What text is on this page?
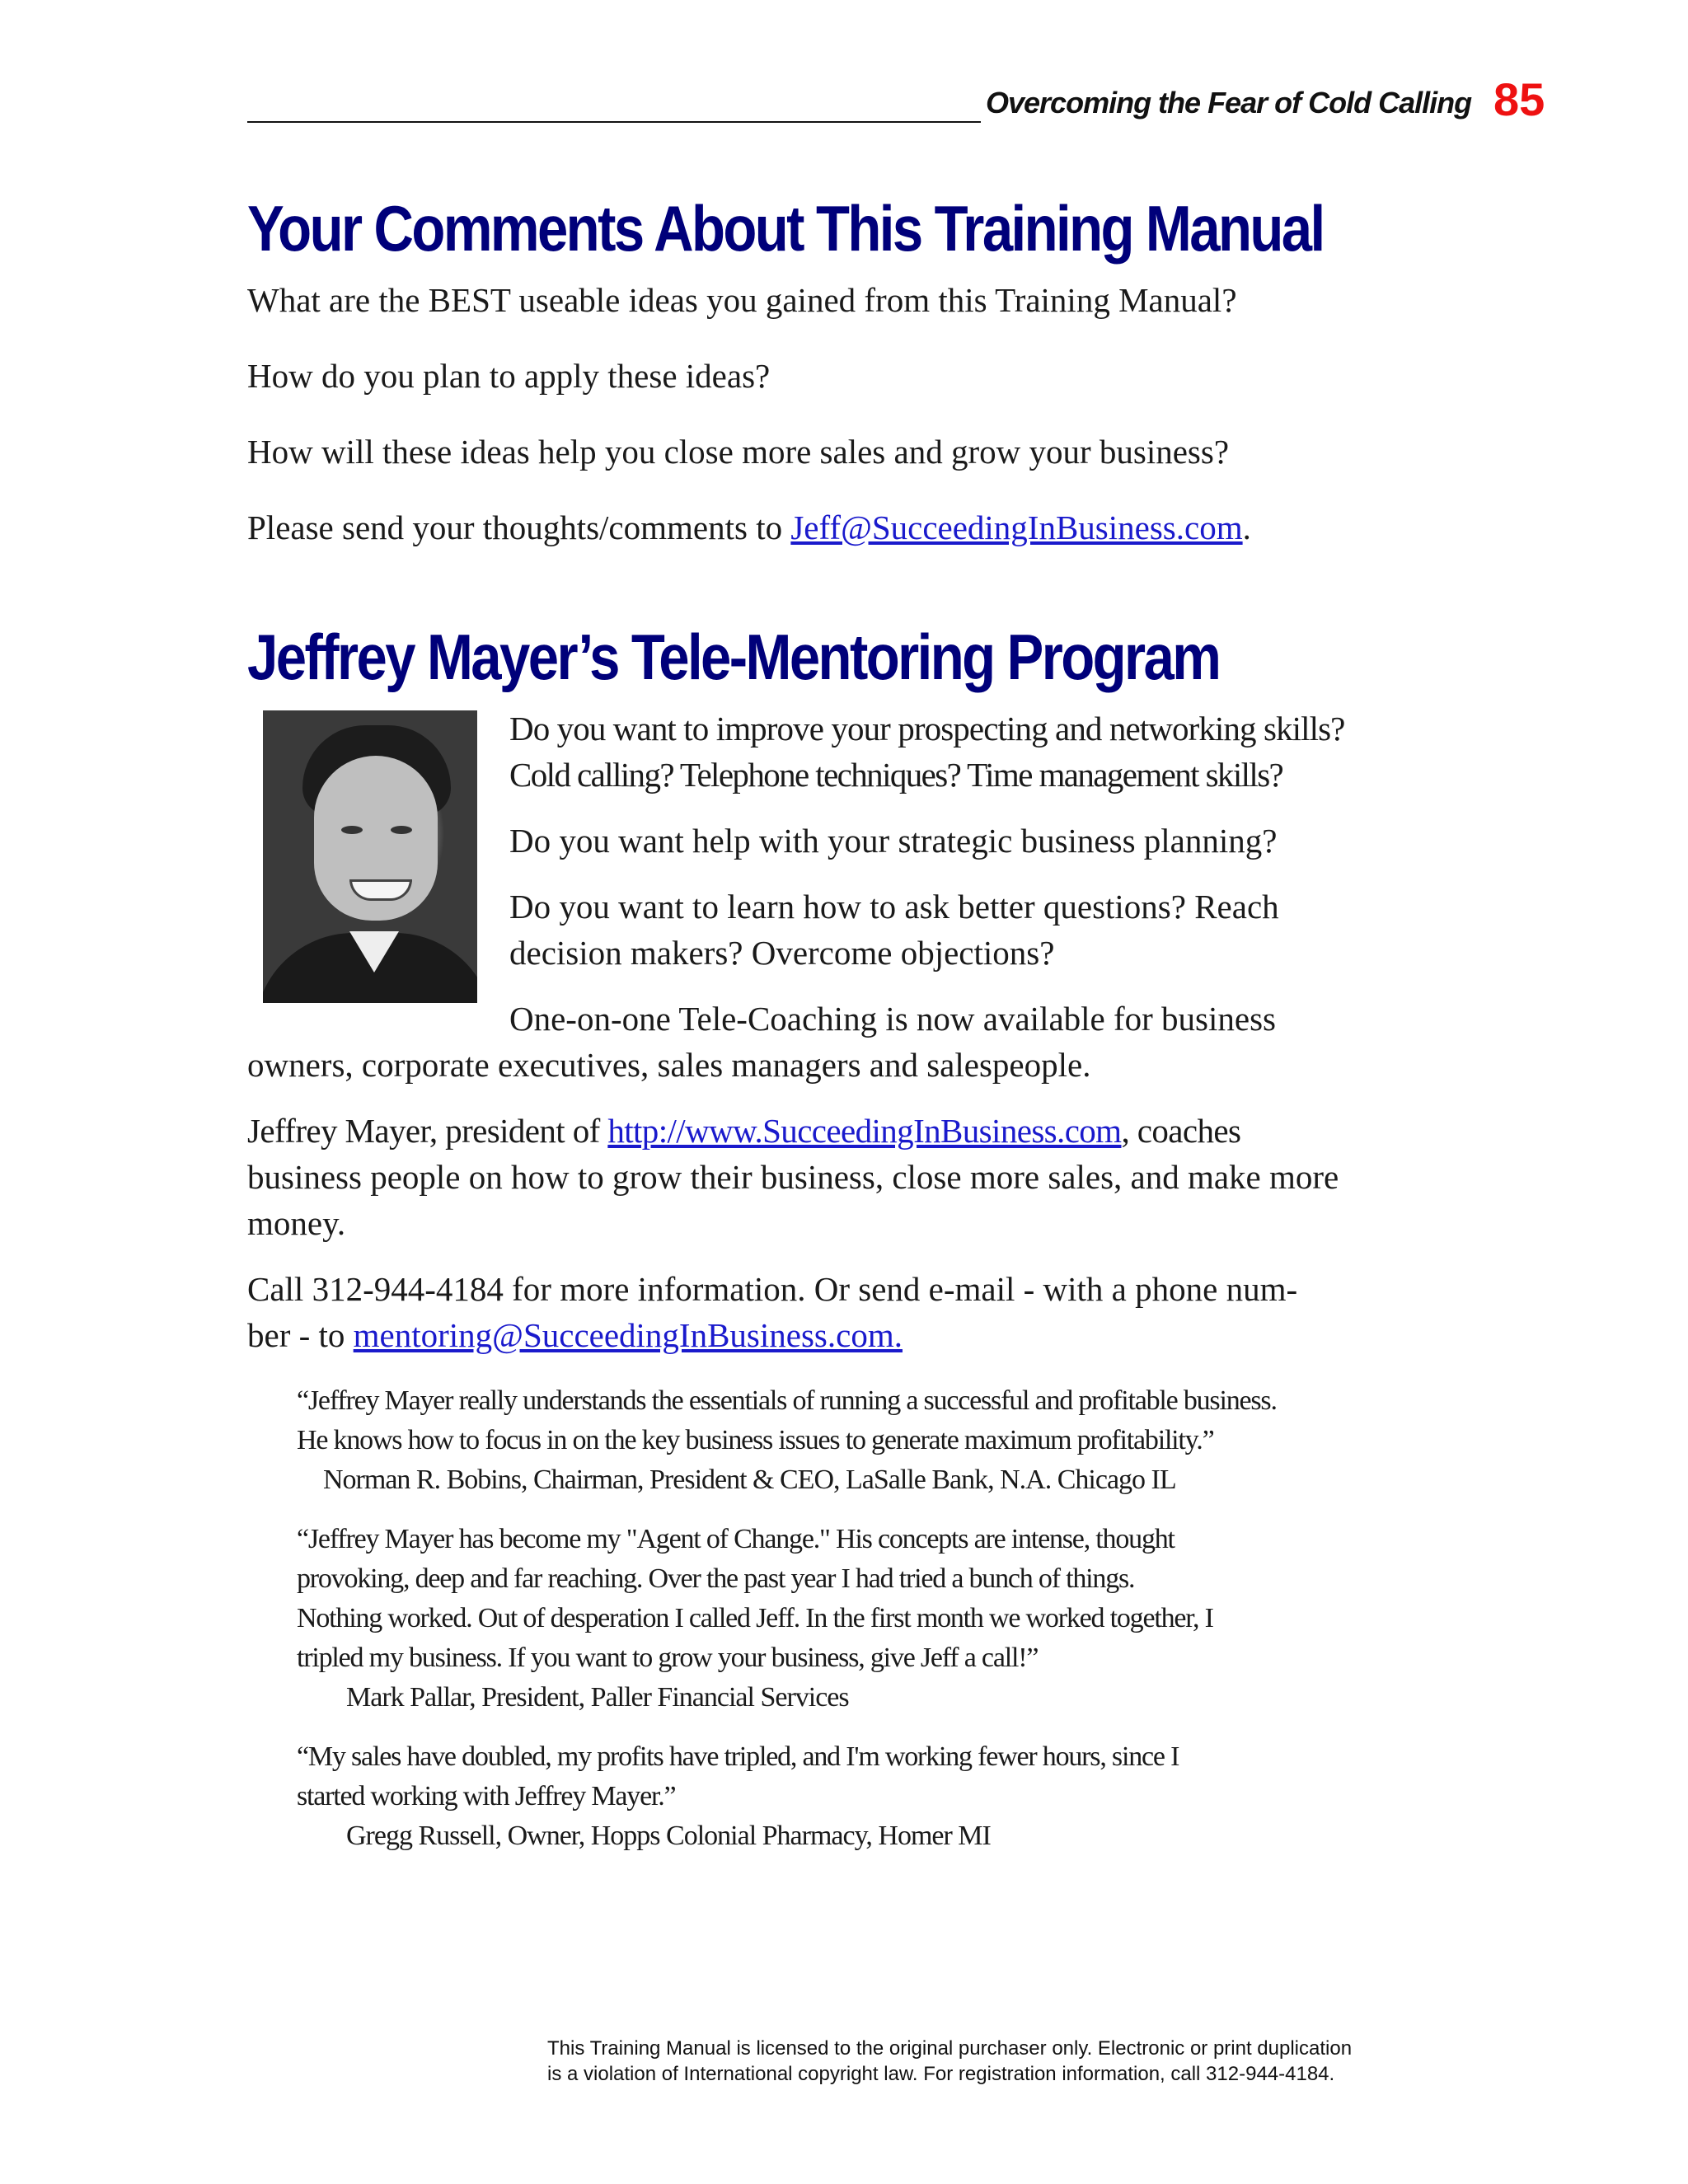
Overcoming the Fear of Cold Calling 85
Your Comments About This Training Manual

What are the BEST useable ideas you gained from this Training Manual?

How do you plan to apply these ideas?

How will these ideas help you close more sales and grow your business?

Please send your thoughts/comments to Jeff@SucceedingInBusiness.com.

Jeffrey Mayer’s Tele-Mentoring Program

Do you want to improve your prospecting and networking skills?

Cold calling? Telephone techniques? Time management skills?

Do you want help with your strategic business planning?

Do you want to learn how to ask better questions? Reach

decision makers? Overcome objections?

One-on-one Tele-Coaching is now available for business

owners, corporate executives, sales managers and salespeople.

Jeffrey Mayer, president of http://www.SucceedingInBusiness.com, coaches

business people on how to grow their business, close more sales, and make more

money.

Call 312-944-4184 for more information. Or send e-mail - with a phone num-

ber - to mentoring@SucceedingInBusiness.com.

“Jeffrey Mayer really understands the essentials of running a successful and profitable business.

He knows how to focus in on the key business issues to generate maximum profitability.”

Norman R. Bobins, Chairman, President & CEO, LaSalle Bank, N.A. Chicago IL

“Jeffrey Mayer has become my "Agent of Change." His concepts are intense, thought

provoking, deep and far reaching. Over the past year I had tried a bunch of things.

Nothing worked. Out of desperation I called Jeff. In the first month we worked together, I

tripled my business. If you want to grow your business, give Jeff a call!”

Mark Pallar, President, Paller Financial Services

“My sales have doubled, my profits have tripled, and I'm working fewer hours, since I

started working with Jeffrey Mayer.”

Gregg Russell, Owner, Hopps Colonial Pharmacy, Homer MI

This Training Manual is licensed to the original purchaser only. Electronic or print duplication
is a violation of International copyright law. For registration information, call 312-944-4184.
